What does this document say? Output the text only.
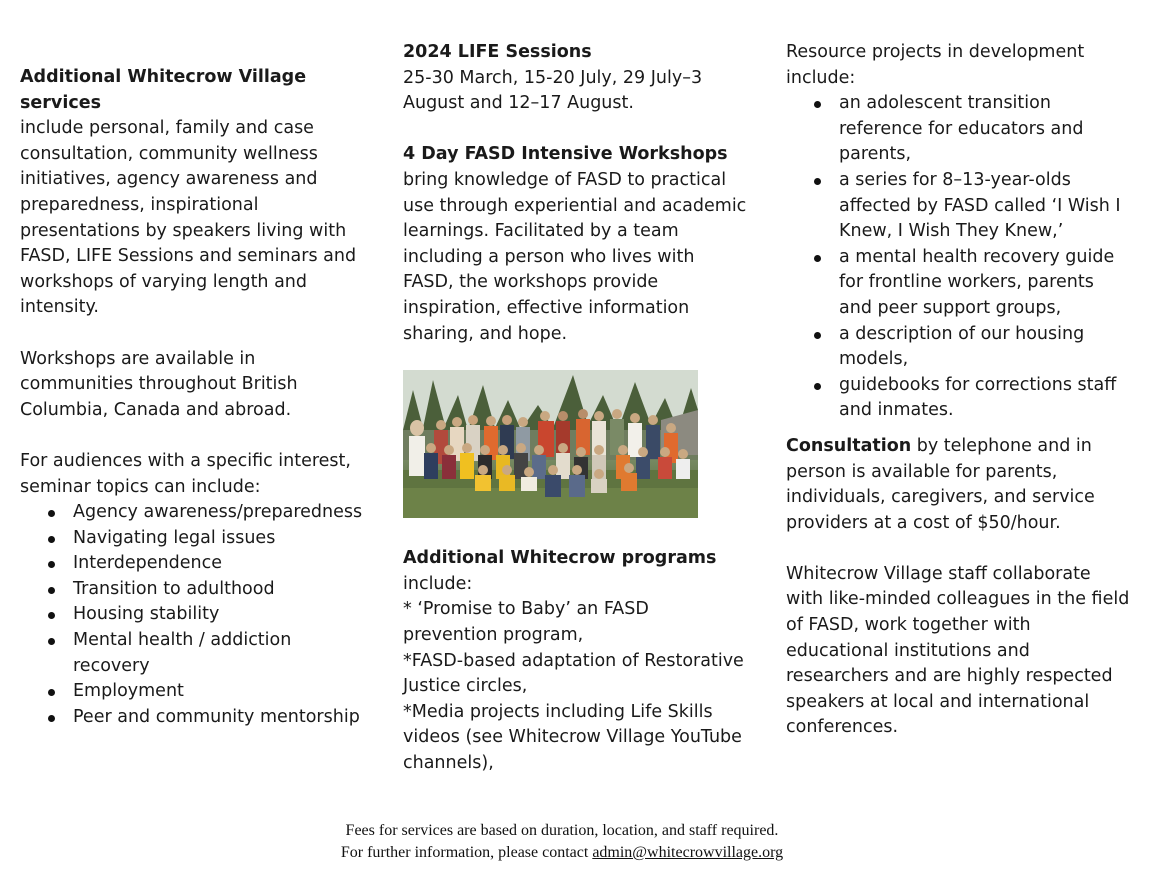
Additional Whitecrow Village services
include personal, family and case consultation, community wellness initiatives, agency awareness and preparedness, inspirational presentations by speakers living with FASD, LIFE Sessions and seminars and workshops of varying length and intensity.

Workshops are available in communities throughout British Columbia, Canada and abroad.

For audiences with a specific interest, seminar topics can include:

Agency awareness/preparedness
Navigating legal issues
Interdependence
Transition to adulthood
Housing stability
Mental health / addiction recovery
Employment
Peer and community mentorship

2024 LIFE Sessions
25-30 March, 15-20 July, 29 July–3 August and 12–17 August.

4 Day FASD Intensive Workshops
bring knowledge of FASD to practical use through experiential and academic learnings. Facilitated by a team including a person who lives with FASD, the workshops provide inspiration, effective information sharing, and hope.

Additional Whitecrow programs
include:
* ‘Promise to Baby’ an FASD prevention program,
*FASD-based adaptation of Restorative Justice circles,
*Media projects including Life Skills videos (see Whitecrow Village YouTube channels),

Resource projects in development include:

an adolescent transition reference for educators and parents,
a series for 8–13-year-olds affected by FASD called ‘I Wish I Knew, I Wish They Knew,’
a mental health recovery guide for frontline workers, parents and peer support groups,
a description of our housing models,
guidebooks for corrections staff and inmates.

Consultation by telephone and in person is available for parents, individuals, caregivers, and service providers at a cost of $50/hour.

Whitecrow Village staff collaborate with like-minded colleagues in the field of FASD, work together with educational institutions and researchers and are highly respected speakers at local and international conferences.

Fees for services are based on duration, location, and staff required.
For further information, please contact admin@whitecrowvillage.org
